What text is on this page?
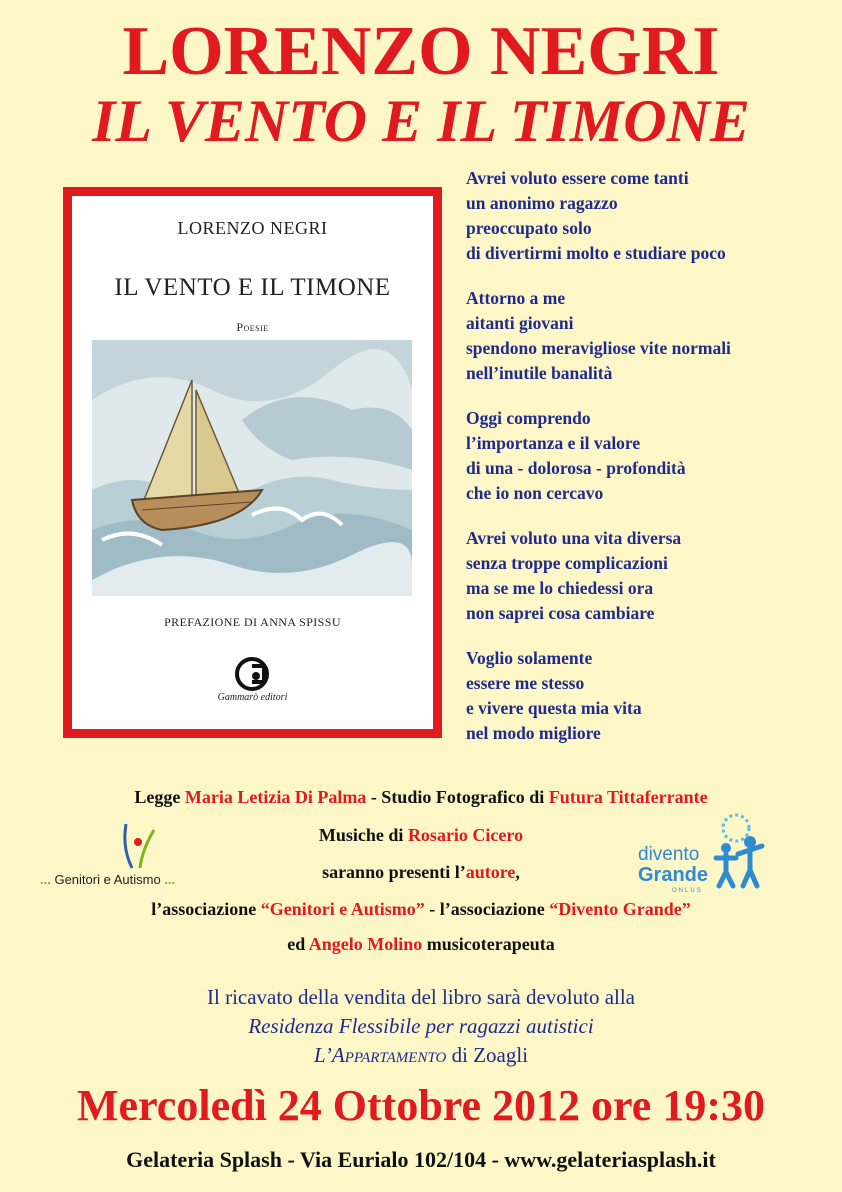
LORENZO NEGRI
IL VENTO E IL TIMONE
LORENZO NEGRI
IL VENTO E IL TIMONE
Poesie
PREFAZIONE DI ANNA SPISSU
Gammarò editori
Avrei voluto essere come tanti
un anonimo ragazzo
preoccupato solo
di divertirmi molto e studiare poco
Attorno a me
aitanti giovani
spendono meravigliose vite normali
nell’inutile banalità
Oggi comprendo
l’importanza e il valore
di una - dolorosa - profondità
che io non cercavo
Avrei voluto una vita diversa
senza troppe complicazioni
ma se me lo chiedessi ora
non saprei cosa cambiare
Voglio solamente
essere me stesso
e vivere questa mia vita
nel modo migliore
Legge Maria Letizia Di Palma - Studio Fotografico di Futura Tittaferrante
... Genitori e Autismo ...
Musiche di Rosario Cicero
saranno presenti l’autore,
divento
Grande
ONLUS
l’associazione “Genitori e Autismo” - l’associazione “Divento Grande”
ed Angelo Molino musicoterapeuta
Il ricavato della vendita del libro sarà devoluto alla
Residenza Flessibile per ragazzi autistici
L’Appartamento di Zoagli
Mercoledì 24 Ottobre 2012 ore 19:30
Gelateria Splash - Via Eurialo 102/104 - www.gelateriasplash.it
